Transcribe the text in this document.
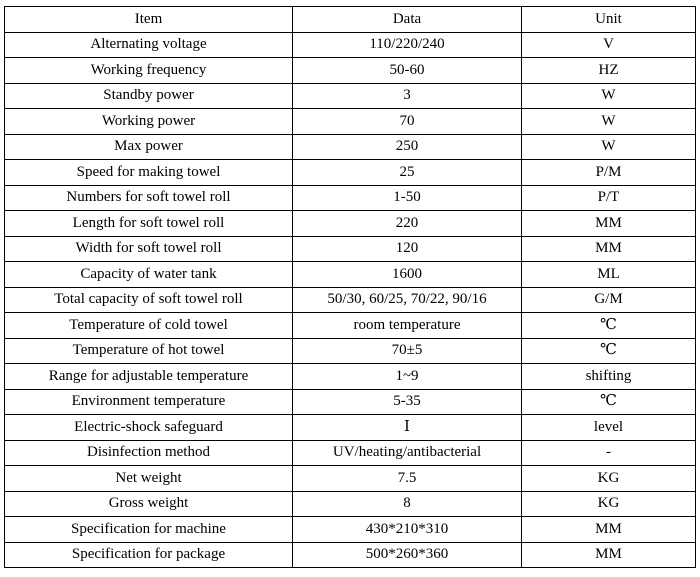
Item	Data	Unit
Alternating voltage	110/220/240	V
Working frequency	50-60	HZ
Standby power	3	W
Working power	70	W
Max power	250	W
Speed for making towel	25	P/M
Numbers for soft towel roll	1-50	P/T
Length for soft towel roll	220	MM
Width for soft towel roll	120	MM
Capacity of water tank	1600	ML
Total capacity of soft towel roll	50/30, 60/25, 70/22, 90/16	G/M
Temperature of cold towel	room temperature	℃
Temperature of hot towel	70±5	℃
Range for adjustable temperature	1~9	shifting
Environment temperature	5-35	℃
Electric-shock safeguard	Ⅰ	level
Disinfection method	UV/heating/antibacterial	-
Net weight	7.5	KG
Gross weight	8	KG
Specification for machine	430*210*310	MM
Specification for package	500*260*360	MM
